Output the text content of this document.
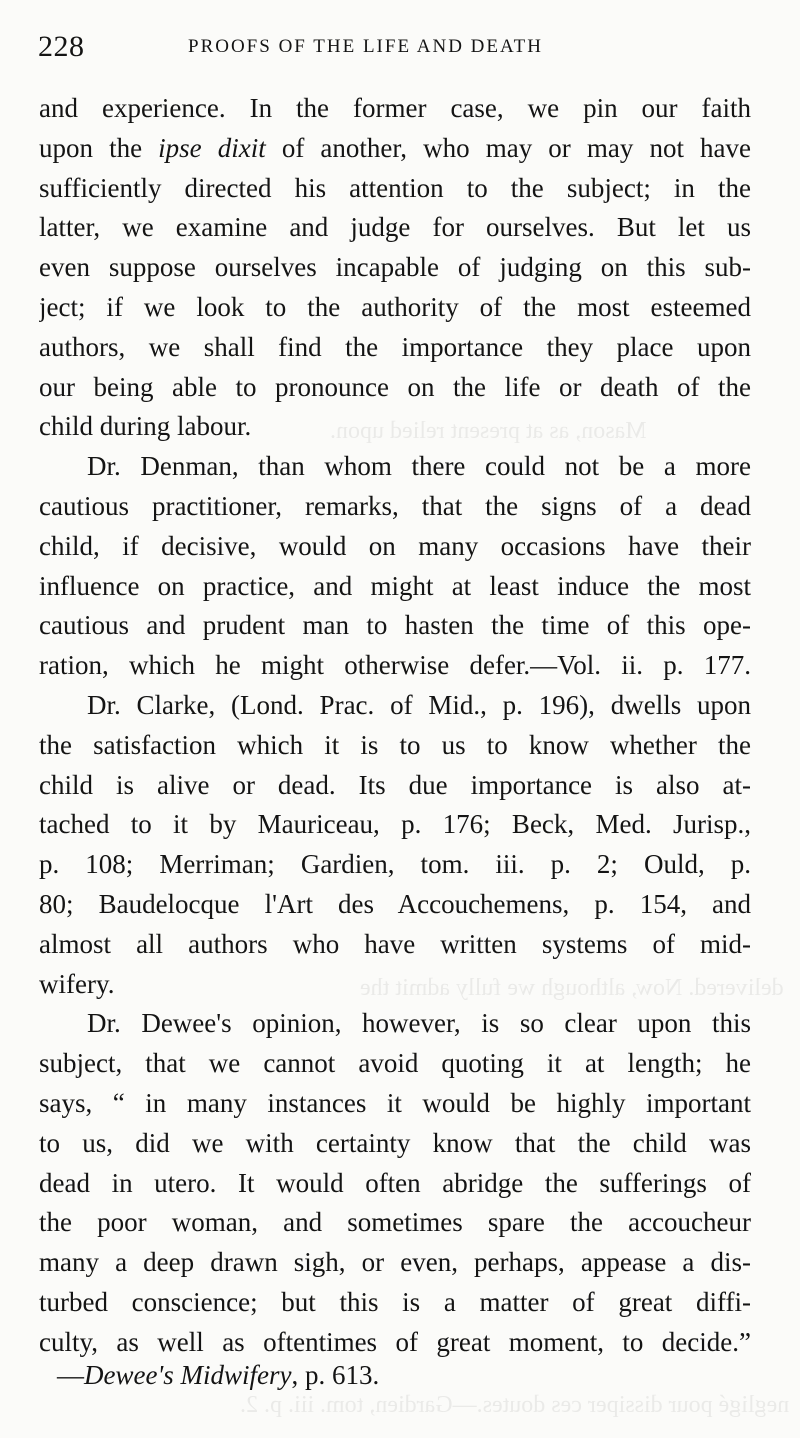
Mason, as at present relied upon.
delivered. Now, although we fully admit the
negligé pour dissiper ces doutes.—Gardien, tom. iii. p. 2.
228	PROOFS OF THE LIFE AND DEATH
and experience. In the former case, we pin our faith
upon the ipse dixit of another, who may or may not have
sufficiently directed his attention to the subject; in the
latter, we examine and judge for ourselves. But let us
even suppose ourselves incapable of judging on this sub-
ject; if we look to the authority of the most esteemed
authors, we shall find the importance they place upon
our being able to pronounce on the life or death of the
child during labour.
Dr. Denman, than whom there could not be a more
cautious practitioner, remarks, that the signs of a dead
child, if decisive, would on many occasions have their
influence on practice, and might at least induce the most
cautious and prudent man to hasten the time of this ope-
ration, which he might otherwise defer.—Vol. ii. p. 177.
Dr. Clarke, (Lond. Prac. of Mid., p. 196), dwells upon
the satisfaction which it is to us to know whether the
child is alive or dead. Its due importance is also at-
tached to it by Mauriceau, p. 176; Beck, Med. Jurisp.,
p. 108; Merriman; Gardien, tom. iii. p. 2; Ould, p.
80; Baudelocque l'Art des Accouchemens, p. 154, and
almost all authors who have written systems of mid-
wifery.
Dr. Dewee's opinion, however, is so clear upon this
subject, that we cannot avoid quoting it at length; he
says, “ in many instances it would be highly important
to us, did we with certainty know that the child was
dead in utero. It would often abridge the sufferings of
the poor woman, and sometimes spare the accoucheur
many a deep drawn sigh, or even, perhaps, appease a dis-
turbed conscience; but this is a matter of great diffi-
culty, as well as oftentimes of great moment, to decide.”
—Dewee's Midwifery, p. 613.
